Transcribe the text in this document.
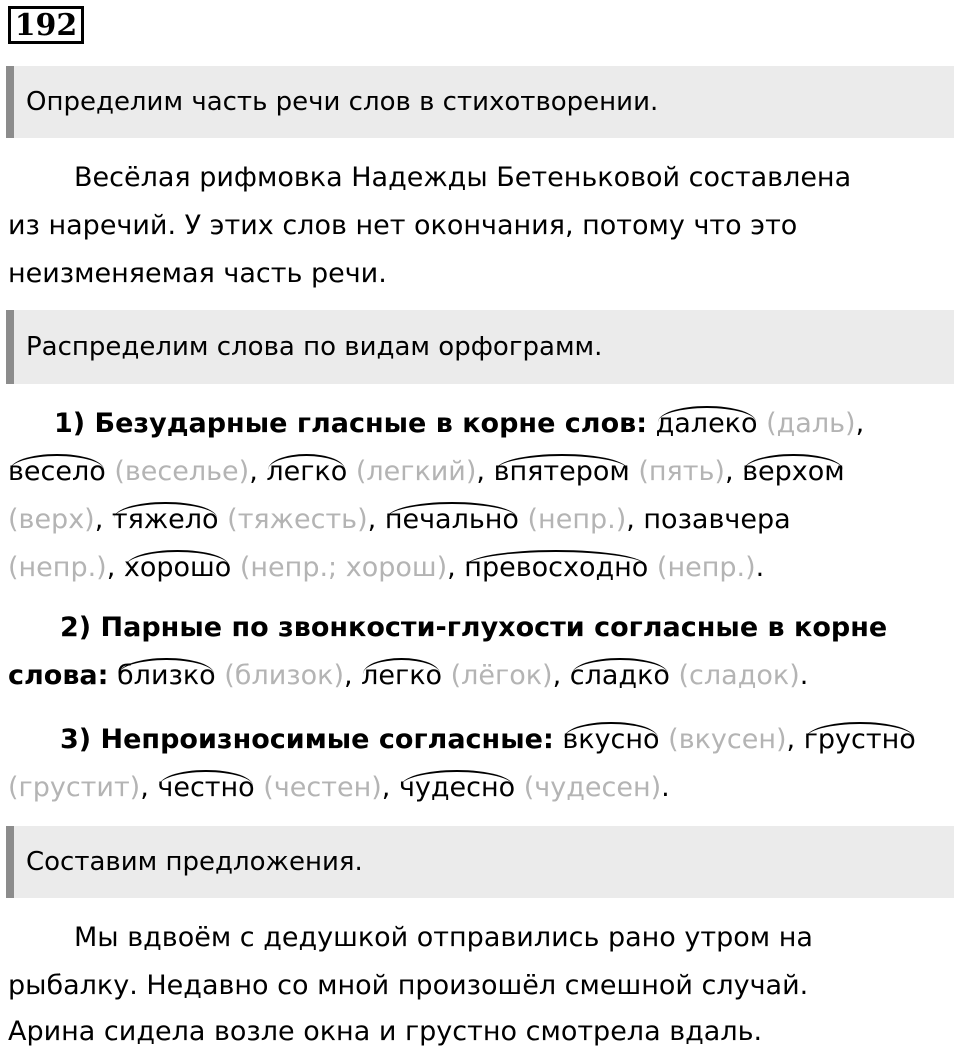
192
Определим часть речи слов в стихотворении.
Весёлая рифмовка Надежды Бетеньковой составлена
из наречий. У этих слов нет окончания, потому что это
неизменяемая часть речи.
Распределим слова по видам орфограмм.
1) Безударные гласные в корне слов: далеко (даль),
весело (весельe), легко (легкий), впятером (пять), верхом
(верх), тяжело (тяжесть), печально (непр.), позавчера
(непр.), хорошо (непр.; хорош), превосходно (непр.).
2) Парные по звонкости-глухости согласные в корне
слова: близко (близок), легко (лёгок), сладко (сладок).
3) Непроизносимые согласные: вкусно (вкусен), грустно
(грустит), честно (честен), чудесно (чудесен).
Составим предложения.
Мы вдвоём с дедушкой отправились рано утром на
рыбалку. Недавно со мной произошёл смешной случай.
Арина сидела возле окна и грустно смотрела вдаль.
